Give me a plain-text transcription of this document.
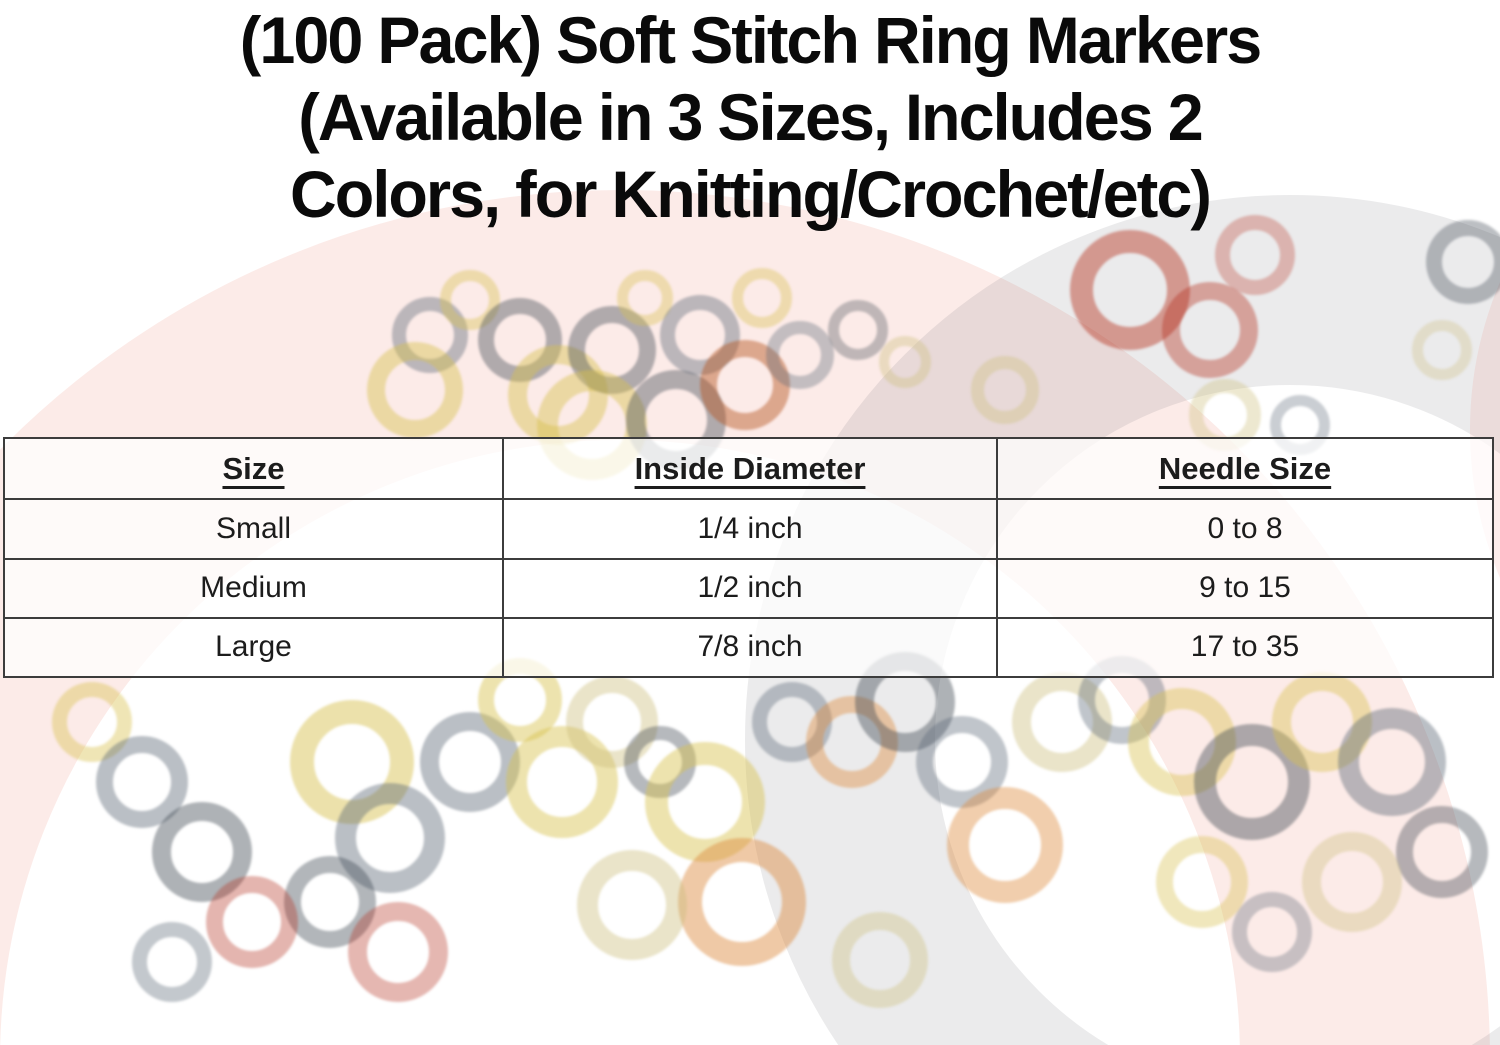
(100 Pack) Soft Stitch Ring Markers
(Available in 3 Sizes, Includes 2
Colors, for Knitting/Crochet/etc)
Size	Inside Diameter	Needle Size
Small	1/4 inch	0 to 8
Medium	1/2 inch	9 to 15
Large	7/8 inch	17 to 35
